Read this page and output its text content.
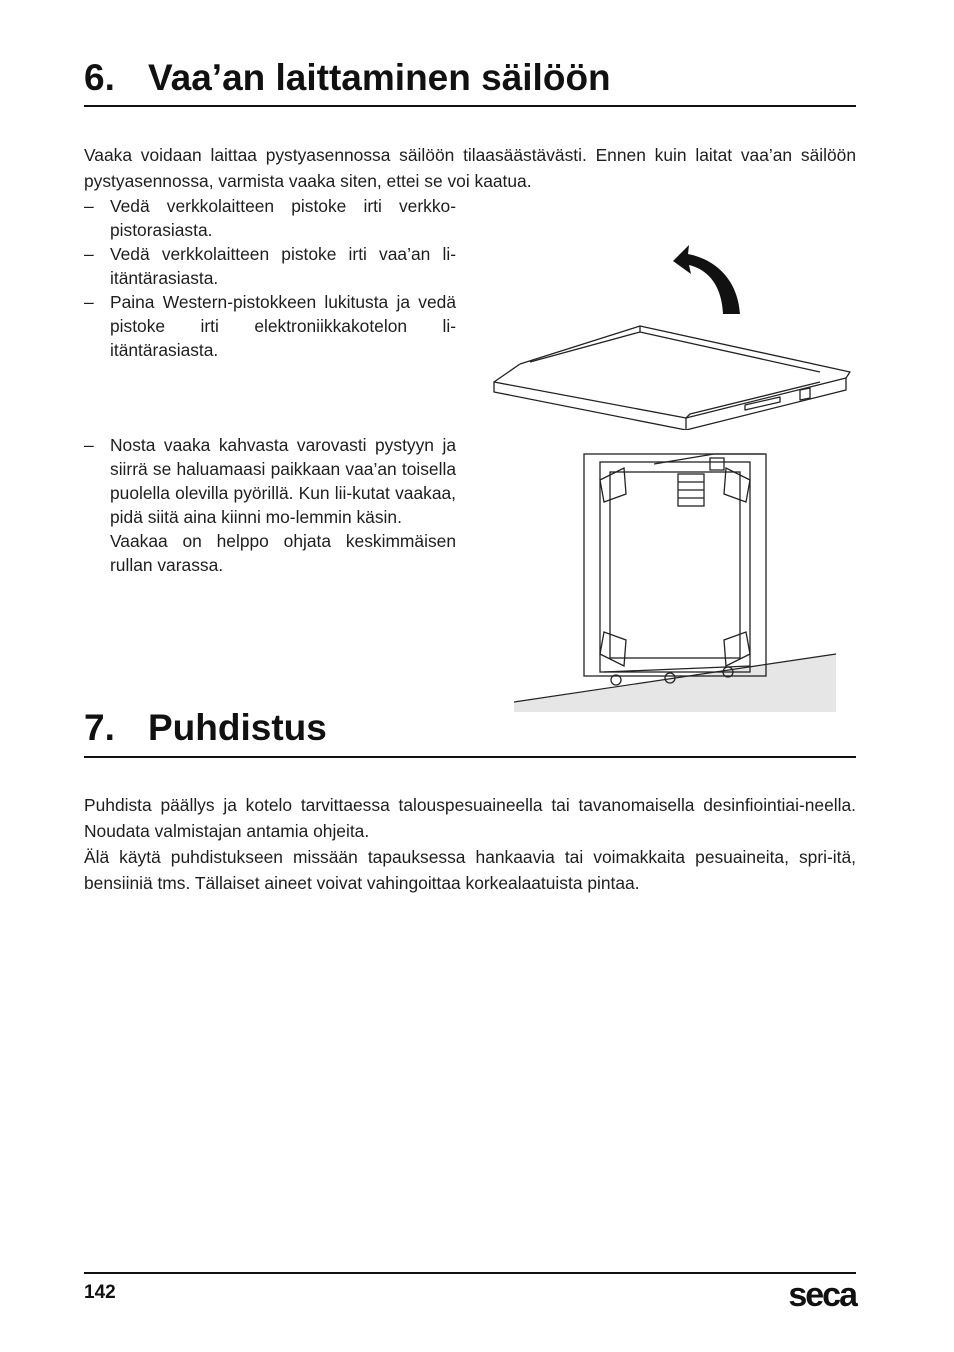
6. Vaa’an laittaminen säilöön

Vaaka voidaan laittaa pystyasennossa säilöön tilaasäästävästi. Ennen kuin laitat vaa’an säilöön pystyasennossa, varmista vaaka siten, ettei se voi kaatua.

– Vedä verkkolaitteen pistoke irti verkko-pistorasiasta.
– Vedä verkkolaitteen pistoke irti vaa’an li-itäntärasiasta.
– Paina Western-pistokkeen lukitusta ja vedä pistoke irti elektroniikkakotelon li-itäntärasiasta.
– Nosta vaaka kahvasta varovasti pystyyn ja siirrä se haluamaasi paikkaan vaa’an toisella puolella olevilla pyörillä. Kun lii-kutat vaakaa, pidä siitä aina kiinni mo-lemmin käsin.
Vaakaa on helppo ohjata keskimmäisen rullan varassa.
7. Puhdistus

Puhdista päällys ja kotelo tarvittaessa talouspesuaineella tai tavanomaisella desinfiointiai-neella. Noudata valmistajan antamia ohjeita.

Älä käytä puhdistukseen missään tapauksessa hankaavia tai voimakkaita pesuaineita, spri-itä, bensiiniä tms. Tällaiset aineet voivat vahingoittaa korkealaatuista pintaa.

142	seca
